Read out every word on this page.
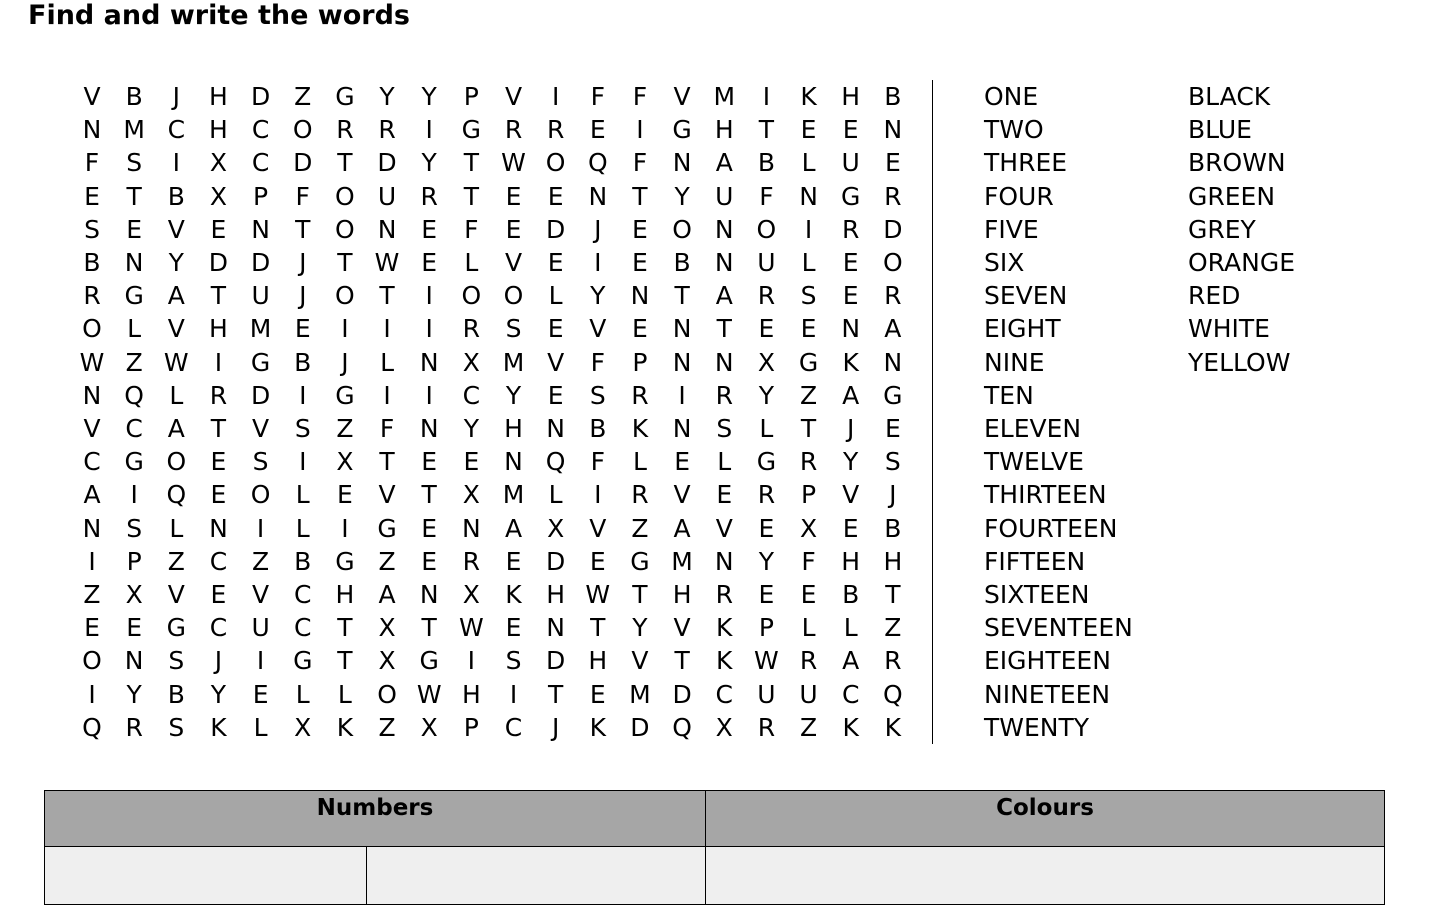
Find and write the words
V	B	J	H D Z G Y	Y	P	V	I	F	F	V M	I	K H B
N M C H C O R R	I	G R R	E	I	G H	T	E	E N
F	S	I	X C D T D Y	T W O Q	F	N A	B	L	U	E
E	T	B X	P	F	O U R	T	E	E N	T	Y	U	F	N G R
S	E	V	E N	T O N E	F	E D	J	E O N O	I	R D
B N	Y D D	J	T W E	L	V	E	I	E	B N U	L	E O
R G A	T	U	J	O T	I	O O	L	Y	N	T	A R	S	E	R
O	L	V H M E	I	I	I	R	S	E	V	E N	T	E	E N A
W Z W	I	G B	J	L	N X M V	F	P	N N X G K N
N Q	L	R D	I	G	I	I	C	Y	E	S	R	I	R	Y	Z	A G
V C A	T	V	S	Z	F	N	Y	H N B	K N S	L	T	J	E
C G O E	S	I	X	T	E	E N Q	F	L	E	L	G R	Y	S
A	I	Q E O	L	E	V	T	X M L	I	R V	E	R	P	V	J
N S	L	N	I	L	I	G E N A	X	V	Z	A	V	E	X	E	B
I	P	Z C Z	B G Z	E	R	E D E G M N	Y	F	H H
Z	X	V	E	V C H A N X	K H W T	H R	E	E	B	T
E	E G C U C	T	X	T W E N	T	Y	V	K	P	L	L	Z
O N S	J	I	G T	X G	I	S D H V	T	K W R A R
I	Y	B	Y	E	L	L	O W H	I	T	E M D C U U C Q
Q R	S	K	L	X	K	Z	X	P	C	J	K D Q X R Z	K	K
ONE
TWO
THREE
FOUR
FIVE
SIX
SEVEN
EIGHT
NINE
TEN
ELEVEN
TWELVE
THIRTEEN
FOURTEEN
FIFTEEN
SIXTEEN
SEVENTEEN
EIGHTEEN
NINETEEN
TWENTY
BLACK
BLUE
BROWN
GREEN
GREY
ORANGE
RED
WHITE
YELLOW
Numbers		Colours
